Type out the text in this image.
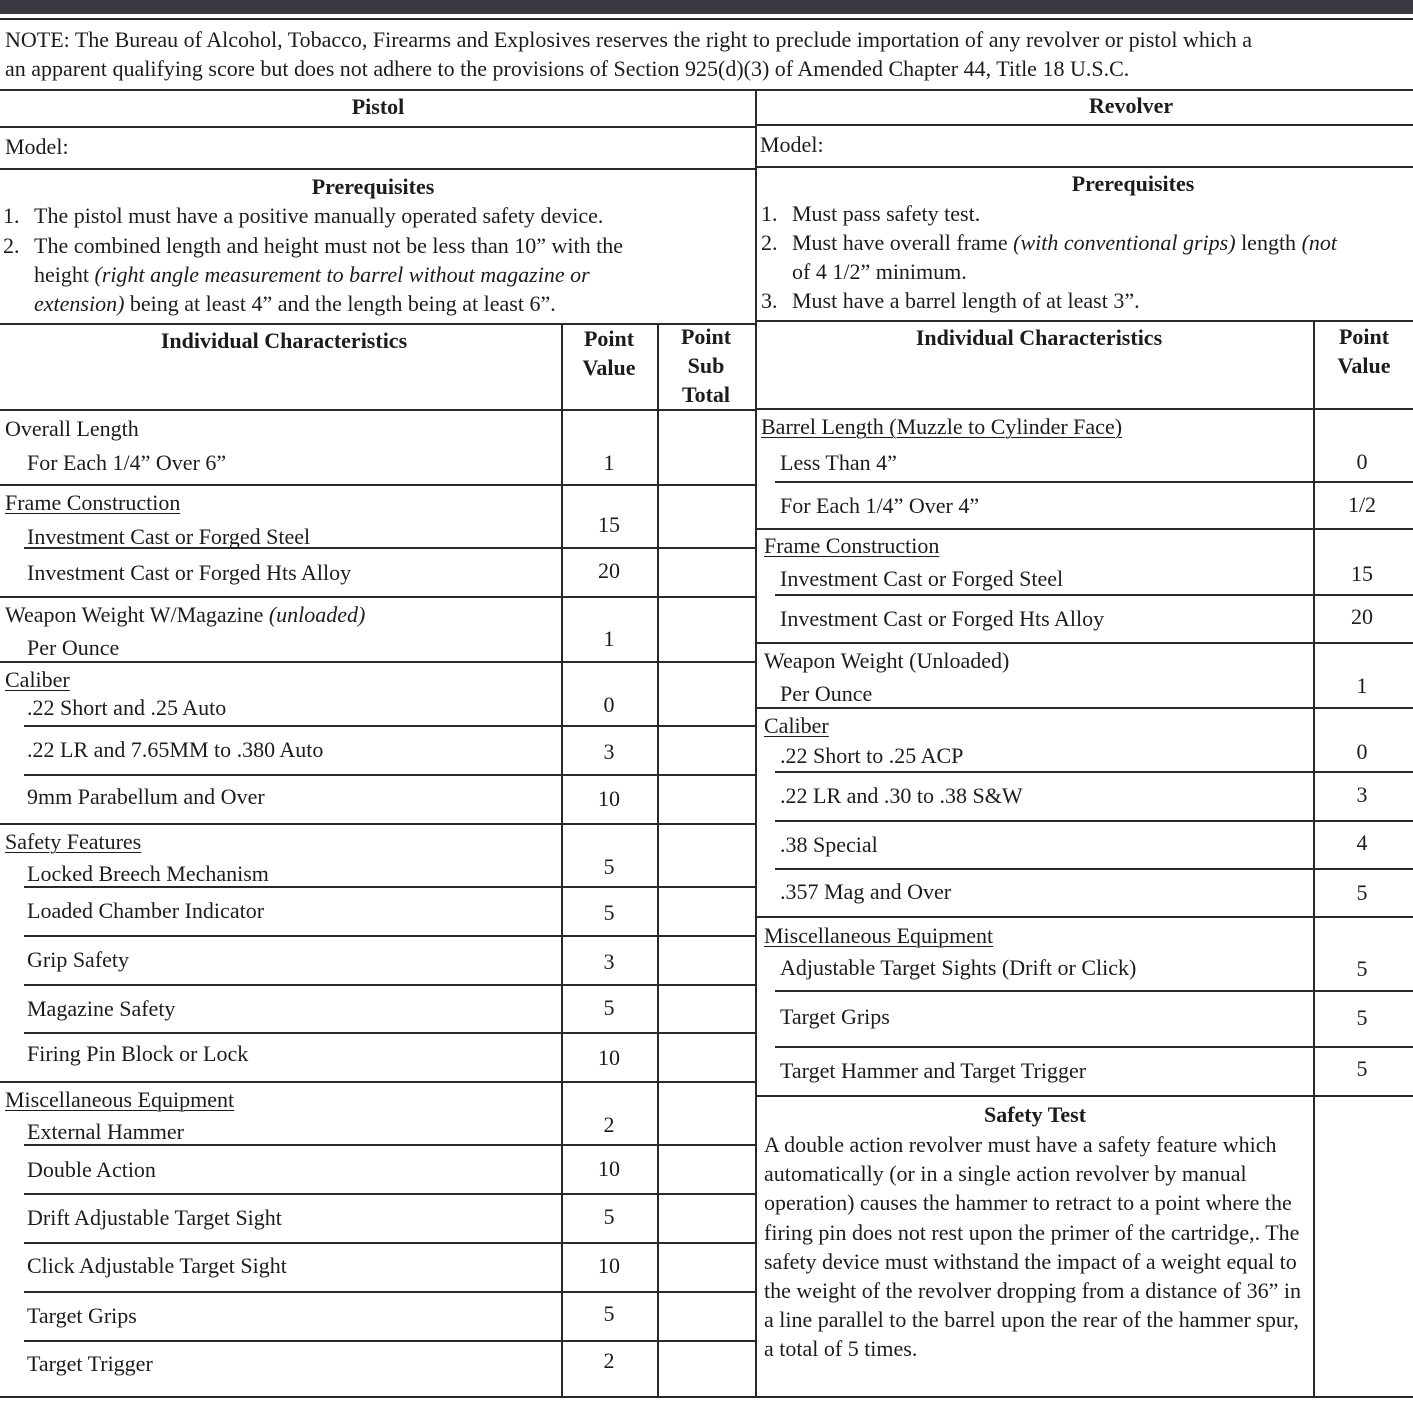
NOTE: The Bureau of Alcohol, Tobacco, Firearms and Explosives reserves the right to preclude importation of any revolver or pistol which a
an apparent qualifying score but does not adhere to the provisions of Section 925(d)(3) of Amended Chapter 44, Title 18 U.S.C.
Pistol
Model:
Prerequisites
1. The pistol must have a positive manually operated safety device.
2. The combined length and height must not be less than 10” with the
height (right angle measurement to barrel without magazine or
extension) being at least 4” and the length being at least 6”.
Individual Characteristics	Point
Value
Point
Sub
Total
Overall Length
For Each 1/4” Over 6”	1
Frame Construction
Investment Cast or Forged Steel	15
Investment Cast or Forged Hts Alloy	20
Weapon Weight W/Magazine (unloaded)
Per Ounce	1
Caliber
.22 Short and .25 Auto	0
.22 LR and 7.65MM to .380 Auto	3
9mm Parabellum and Over	10
Safety Features
Locked Breech Mechanism	5
Loaded Chamber Indicator	5
Grip Safety	3
Magazine Safety	5
Firing Pin Block or Lock	10
Miscellaneous Equipment
External Hammer	2
Double Action	10
Drift Adjustable Target Sight	5
Click Adjustable Target Sight	10
Target Grips	5
Target Trigger	2
Revolver
Model:
Prerequisites
1. Must pass safety test.
2. Must have overall frame (with conventional grips) length (not
of 4 1/2” minimum.
3. Must have a barrel length of at least 3”.
Individual Characteristics	Point
Value
Barrel Length (Muzzle to Cylinder Face)
Less Than 4”	0
For Each 1/4” Over 4”	1/2
Frame Construction
Investment Cast or Forged Steel	15
Investment Cast or Forged Hts Alloy	20
Weapon Weight (Unloaded)
Per Ounce	1
Caliber
.22 Short to .25 ACP	0
.22 LR and .30 to .38 S&W	3
.38 Special	4
.357 Mag and Over	5
Miscellaneous Equipment
Adjustable Target Sights (Drift or Click)	5
Target Grips	5
Target Hammer and Target Trigger	5
Safety Test
A double action revolver must have a safety feature which automatically (or in a single action revolver by manual operation) causes the hammer to retract to a point where the firing pin does not rest upon the primer of the cartridge,. The safety device must withstand the impact of a weight equal to the weight of the revolver dropping from a distance of 36” in a line parallel to the barrel upon the rear of the hammer spur, a total of 5 times.
